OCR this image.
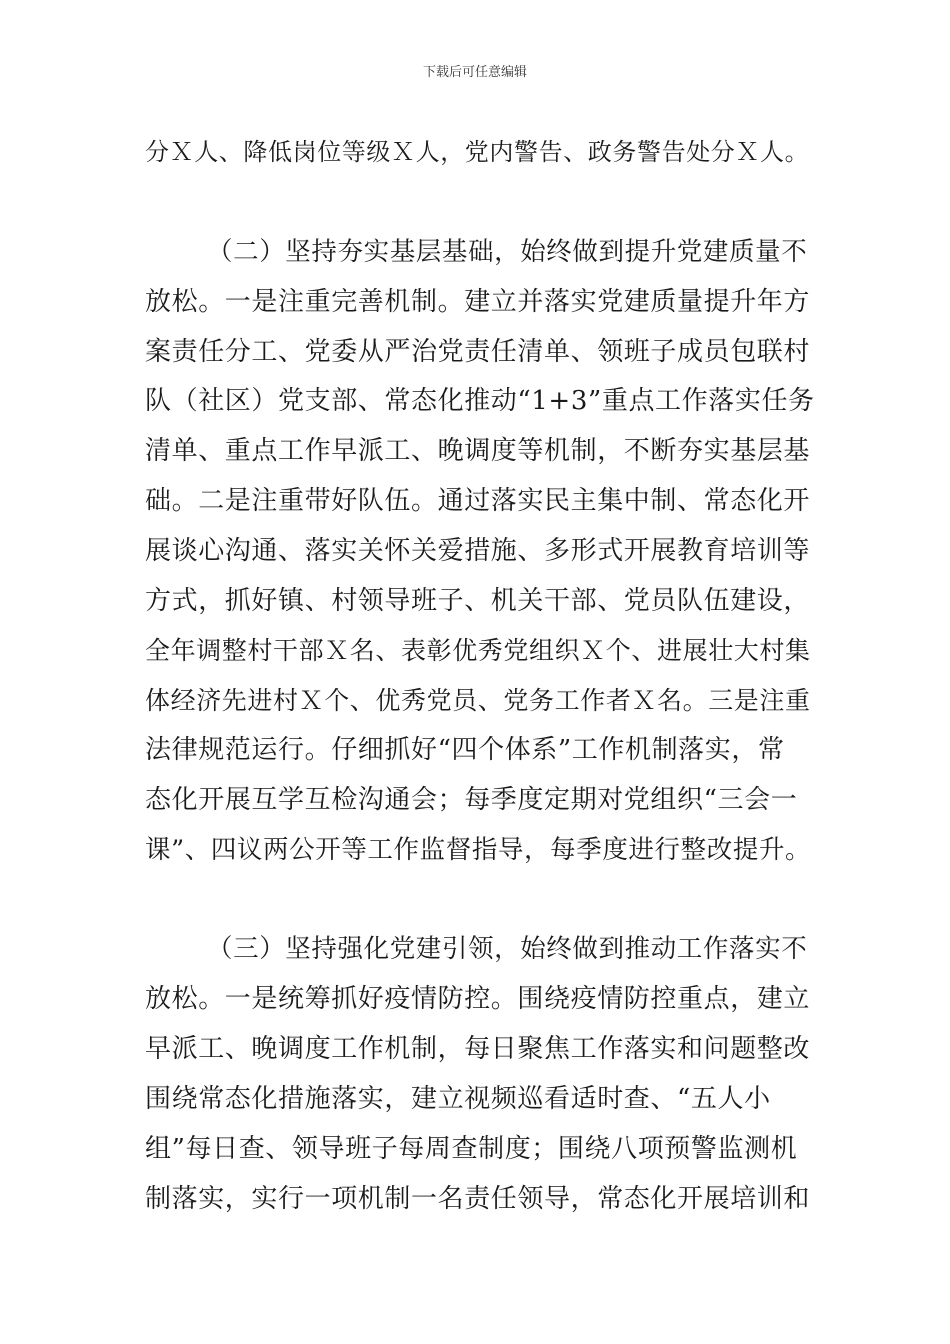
下载后可任意编辑
分Ｘ人、降低岗位等级Ｘ人，党内警告、政务警告处分Ｘ人。
（二）坚持夯实基层基础，始终做到提升党建质量不
放松。一是注重完善机制。建立并落实党建质量提升年方
案责任分工、党委从严治党责任清单、领班子成员包联村
队（社区）党支部、常态化推动“1+3”重点工作落实任务
清单、重点工作早派工、晚调度等机制，不断夯实基层基
础。二是注重带好队伍。通过落实民主集中制、常态化开
展谈心沟通、落实关怀关爱措施、多形式开展教育培训等
方式，抓好镇、村领导班子、机关干部、党员队伍建设，
全年调整村干部Ｘ名、表彰优秀党组织Ｘ个、进展壮大村集
体经济先进村Ｘ个、优秀党员、党务工作者Ｘ名。三是注重
法律规范运行。仔细抓好“四个体系”工作机制落实，常
态化开展互学互检沟通会；每季度定期对党组织“三会一
课”、四议两公开等工作监督指导，每季度进行整改提升。
（三）坚持强化党建引领，始终做到推动工作落实不
放松。一是统筹抓好疫情防控。围绕疫情防控重点，建立
早派工、晚调度工作机制，每日聚焦工作落实和问题整改
围绕常态化措施落实，建立视频巡看适时查、“五人小
组”每日查、领导班子每周查制度；围绕八项预警监测机
制落实，实行一项机制一名责任领导，常态化开展培训和
